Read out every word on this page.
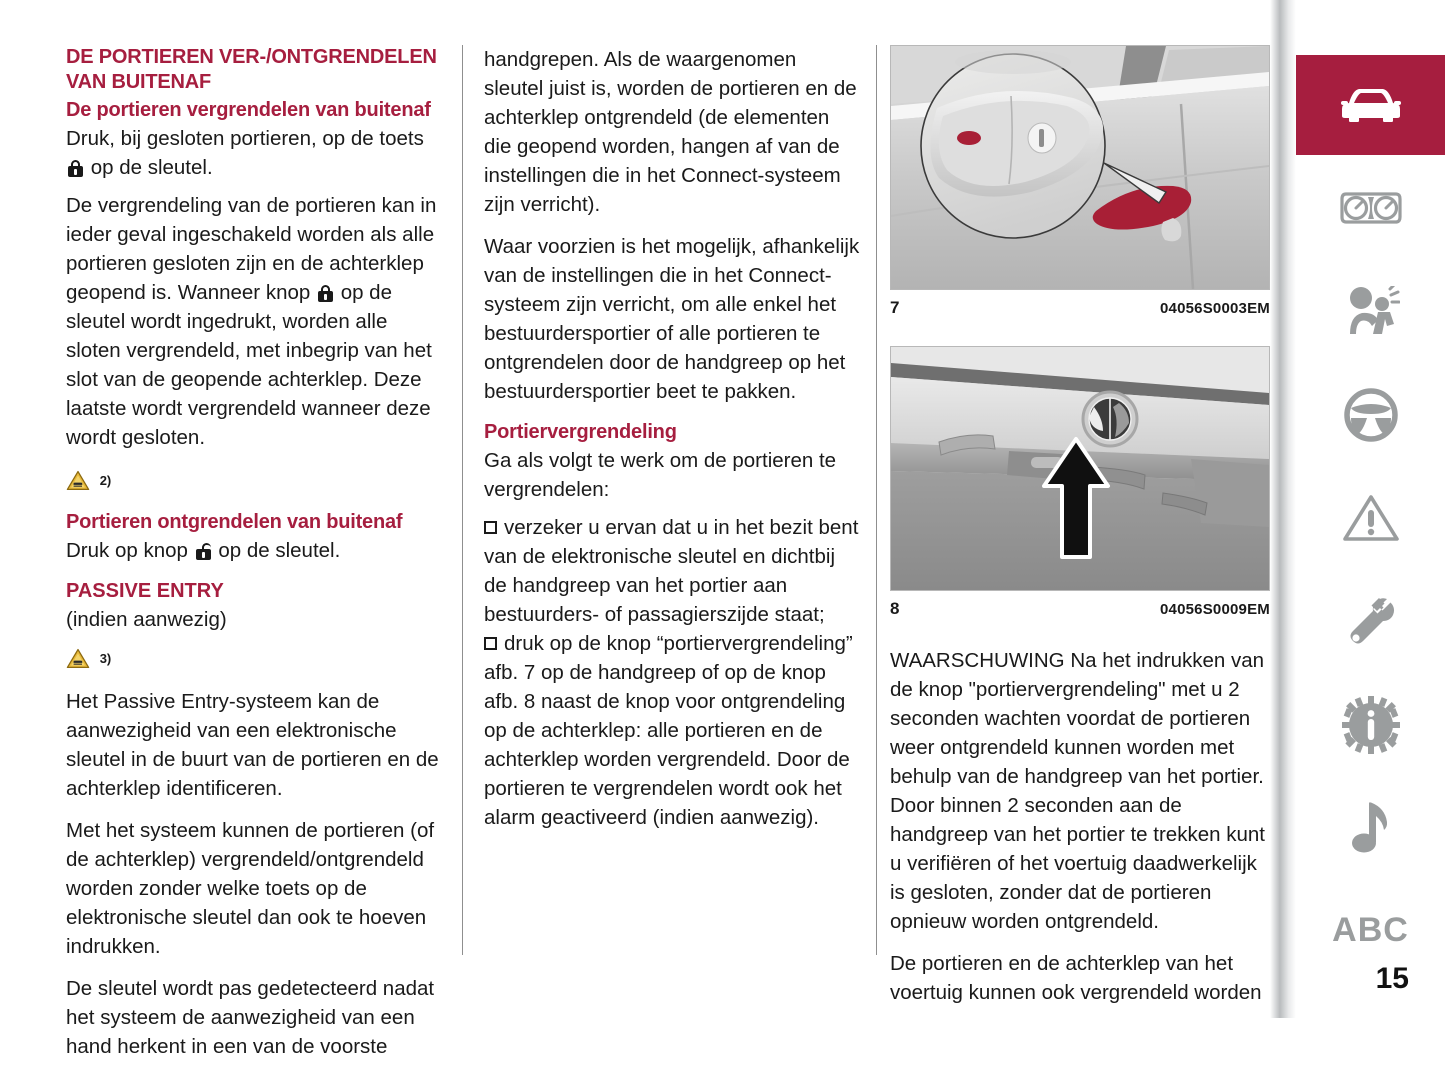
DE PORTIEREN VER-/ONTGRENDELEN VAN BUITENAF
De portieren vergrendelen van buitenaf

Druk, bij gesloten portieren, op de toets
op de sleutel.

De vergrendeling van de portieren kan in ieder geval ingeschakeld worden als alle portieren gesloten zijn en de achterklep geopend is. Wanneer knop op de sleutel wordt ingedrukt, worden alle sloten vergrendeld, met inbegrip van het slot van de geopende achterklep. Deze laatste wordt vergrendeld wanneer deze wordt gesloten.

2)
Portieren ontgrendelen van buitenaf

Druk op knop op de sleutel.

PASSIVE ENTRY

(indien aanwezig)

3)

Het Passive Entry-systeem kan de aanwezigheid van een elektronische sleutel in de buurt van de portieren en de achterklep identificeren.

Met het systeem kunnen de portieren (of de achterklep) vergrendeld/ontgrendeld worden zonder welke toets op de elektronische sleutel dan ook te hoeven indrukken.

De sleutel wordt pas gedetecteerd nadat het systeem de aanwezigheid van een hand herkent in een van de voorste

handgrepen. Als de waargenomen sleutel juist is, worden de portieren en de achterklep ontgrendeld (de elementen die geopend worden, hangen af van de instellingen die in het Connect-systeem zijn verricht).

Waar voorzien is het mogelijk, afhankelijk van de instellingen die in het Connect-systeem zijn verricht, om alle enkel het bestuurdersportier of alle portieren te ontgrendelen door de handgreep op het bestuurdersportier beet te pakken.

Portiervergrendeling

Ga als volgt te werk om de portieren te vergrendelen:

verzeker u ervan dat u in het bezit bent van de elektronische sleutel en dichtbij de handgreep van het portier aan bestuurders- of passagierszijde staat;

druk op de knop “portiervergrendeling” afb. 7 op de handgreep of op de knop afb. 8 naast de knop voor ontgrendeling op de achterklep: alle portieren en de achterklep worden vergrendeld. Door de portieren te vergrendelen wordt ook het alarm geactiveerd (indien aanwezig).

7	04056S0003EM
8	04056S0009EM

WAARSCHUWING Na het indrukken van de knop "portiervergrendeling" met u 2 seconden wachten voordat de portieren weer ontgrendeld kunnen worden met behulp van de handgreep van het portier. Door binnen 2 seconden aan de handgreep van het portier te trekken kunt u verifiëren of het voertuig daadwerkelijk is gesloten, zonder dat de portieren opnieuw worden ontgrendeld.

De portieren en de achterklep van het voertuig kunnen ook vergrendeld worden

ABC
15
